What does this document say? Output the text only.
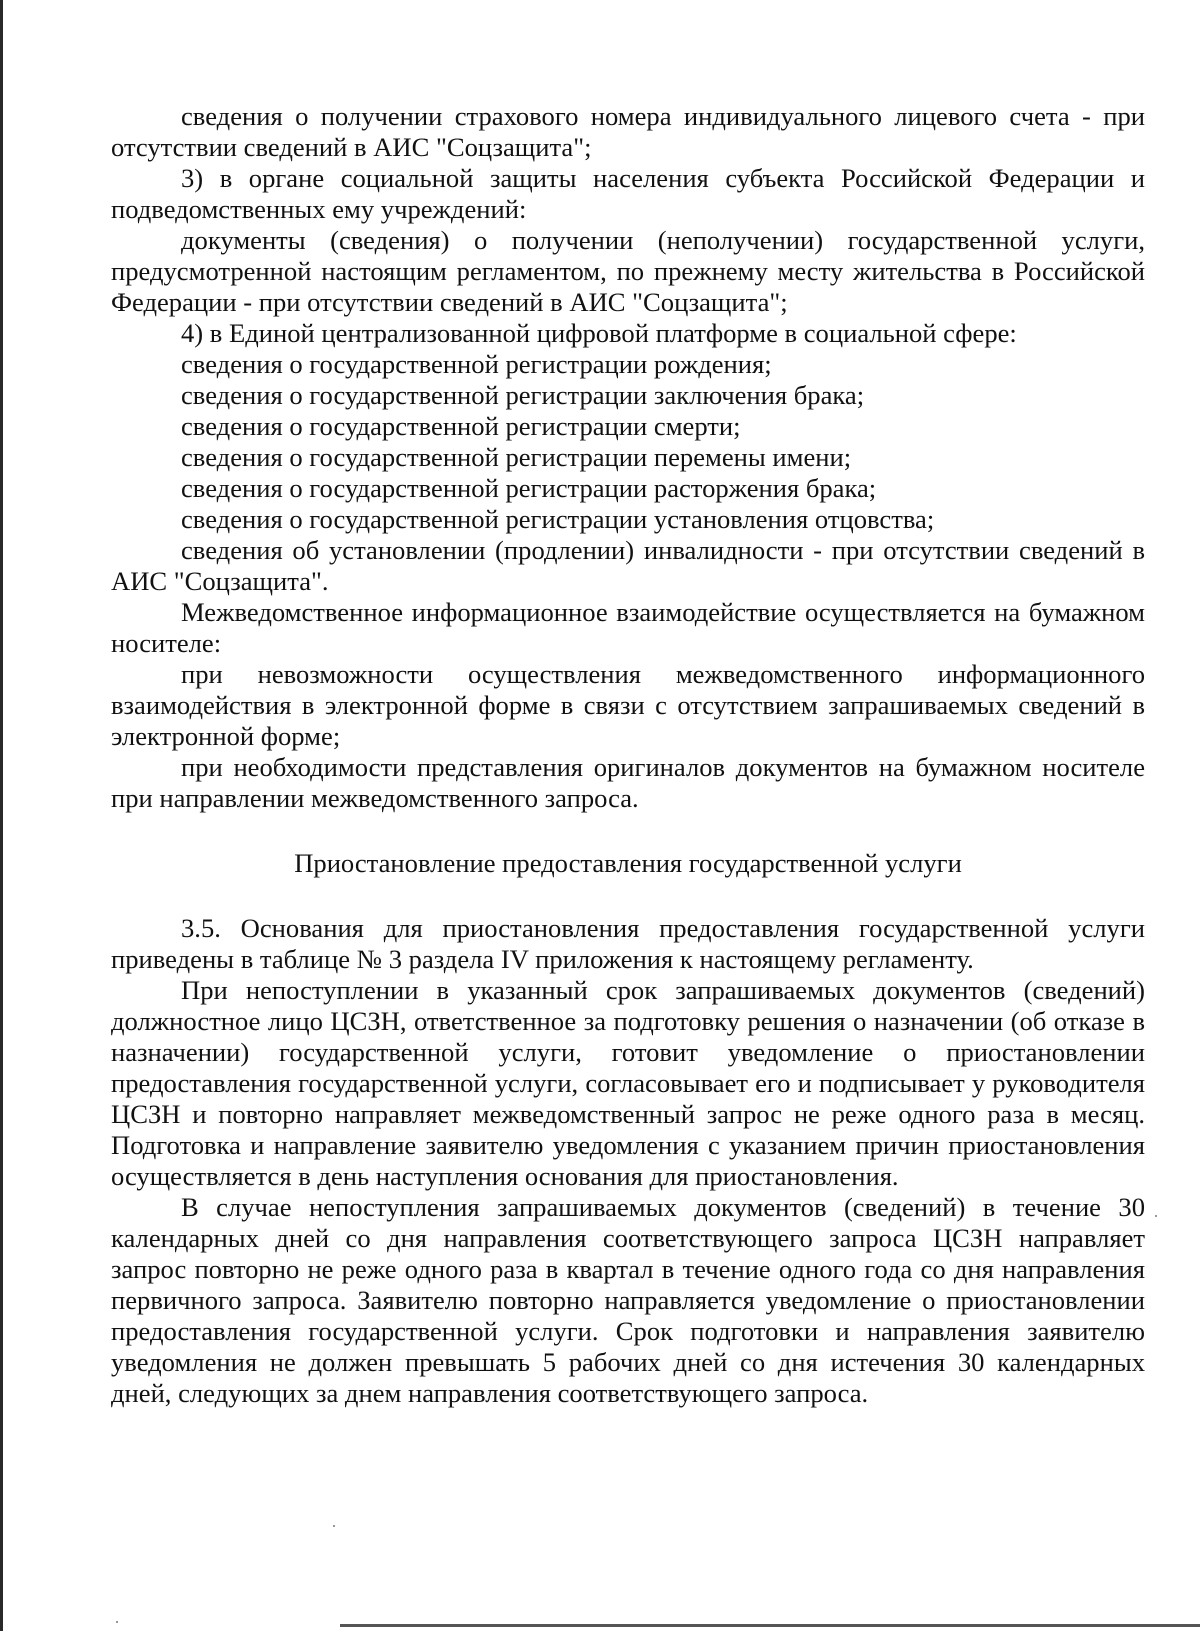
сведения о получении страхового номера индивидуального лицевого счета - при отсутствии сведений в АИС "Соцзащита";

3) в органе социальной защиты населения субъекта Российской Федерации и подведомственных ему учреждений:

документы (сведения) о получении (неполучении) государственной услуги, предусмотренной настоящим регламентом, по прежнему месту жительства в Российской Федерации - при отсутствии сведений в АИС "Соцзащита";

4) в Единой централизованной цифровой платформе в социальной сфере:

сведения о государственной регистрации рождения;

сведения о государственной регистрации заключения брака;

сведения о государственной регистрации смерти;

сведения о государственной регистрации перемены имени;

сведения о государственной регистрации расторжения брака;

сведения о государственной регистрации установления отцовства;

сведения об установлении (продлении) инвалидности - при отсутствии сведений в АИС "Соцзащита".

Межведомственное информационное взаимодействие осуществляется на бумажном носителе:

при невозможности осуществления межведомственного информационного взаимодействия в электронной форме в связи с отсутствием запрашиваемых сведений в электронной форме;

при необходимости представления оригиналов документов на бумажном носителе при направлении межведомственного запроса.

Приостановление предоставления государственной услуги

3.5. Основания для приостановления предоставления государственной услуги приведены в таблице № 3 раздела IV приложения к настоящему регламенту.

При непоступлении в указанный срок запрашиваемых документов (сведений) должностное лицо ЦСЗН, ответственное за подготовку решения о назначении (об отказе в назначении) государственной услуги, готовит уведомление о приостановлении предоставления государственной услуги, согласовывает его и подписывает у руководителя ЦСЗН и повторно направляет межведомственный запрос не реже одного раза в месяц. Подготовка и направление заявителю уведомления с указанием причин приостановления осуществляется в день наступления основания для приостановления.

В случае непоступления запрашиваемых документов (сведений) в течение 30 календарных дней со дня направления соответствующего запроса ЦСЗН направляет запрос повторно не реже одного раза в квартал в течение одного года со дня направления первичного запроса. Заявителю повторно направляется уведомление о приостановлении предоставления государственной услуги. Срок подготовки и направления заявителю уведомления не должен превышать 5 рабочих дней со дня истечения 30 календарных дней, следующих за днем направления соответствующего запроса.
